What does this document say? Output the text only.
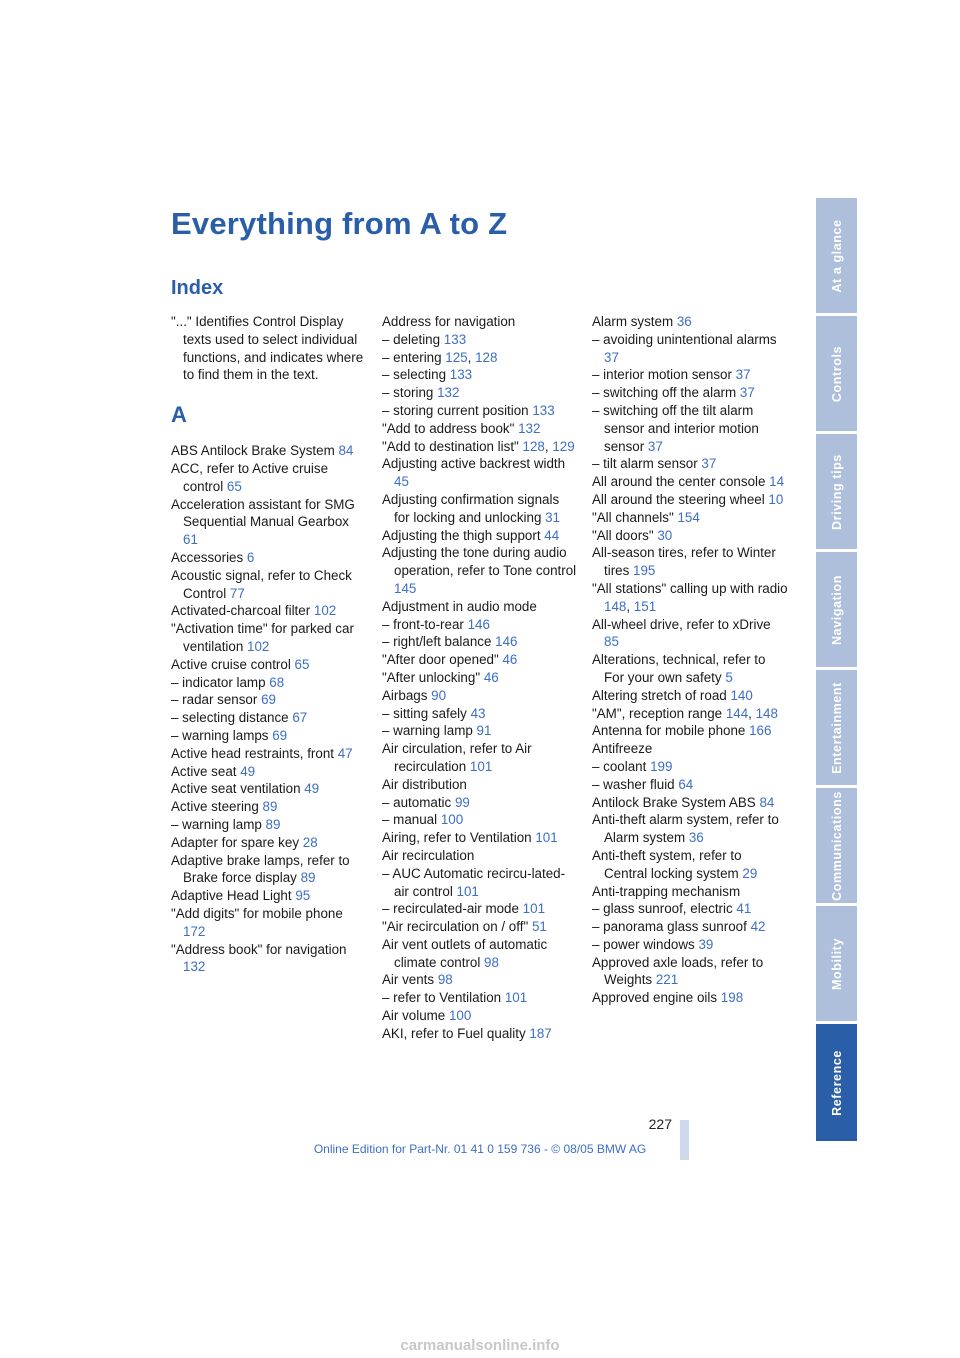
Everything from A to Z
Index

"..." Identifies Control Display texts used to select individual functions, and indicates where to find them in the text.

A

ABS Antilock Brake System 84

ACC, refer to Active cruise control 65

Acceleration assistant for SMG Sequential Manual Gearbox 61

Accessories 6

Acoustic signal, refer to Check Control 77

Activated-charcoal filter 102

"Activation time" for parked car ventilation 102

Active cruise control 65

– indicator lamp 68

– radar sensor 69

– selecting distance 67

– warning lamps 69

Active head restraints, front 47

Active seat 49

Active seat ventilation 49

Active steering 89

– warning lamp 89

Adapter for spare key 28

Adaptive brake lamps, refer to Brake force display 89

Adaptive Head Light 95

"Add digits" for mobile phone 172

"Address book" for navigation 132

Address for navigation

– deleting 133

– entering 125, 128

– selecting 133

– storing 132

– storing current position 133

"Add to address book" 132

"Add to destination list" 128, 129

Adjusting active backrest width 45

Adjusting confirmation signals for locking and unlocking 31

Adjusting the thigh support 44

Adjusting the tone during audio operation, refer to Tone control 145

Adjustment in audio mode

– front-to-rear 146

– right/left balance 146

"After door opened" 46

"After unlocking" 46

Airbags 90

– sitting safely 43

– warning lamp 91

Air circulation, refer to Air recirculation 101

Air distribution

– automatic 99

– manual 100

Airing, refer to Ventilation 101

Air recirculation

– AUC Automatic recircu-lated-air control 101

– recirculated-air mode 101

"Air recirculation on / off" 51

Air vent outlets of automatic climate control 98

Air vents 98

– refer to Ventilation 101

Air volume 100

AKI, refer to Fuel quality 187

Alarm system 36

– avoiding unintentional alarms 37

– interior motion sensor 37

– switching off the alarm 37

– switching off the tilt alarm sensor and interior motion sensor 37

– tilt alarm sensor 37

All around the center console 14

All around the steering wheel 10

"All channels" 154

"All doors" 30

All-season tires, refer to Winter tires 195

"All stations" calling up with radio 148, 151

All-wheel drive, refer to xDrive 85

Alterations, technical, refer to For your own safety 5

Altering stretch of road 140

"AM", reception range 144, 148

Antenna for mobile phone 166

Antifreeze

– coolant 199

– washer fluid 64

Antilock Brake System ABS 84

Anti-theft alarm system, refer to Alarm system 36

Anti-theft system, refer to Central locking system 29

Anti-trapping mechanism

– glass sunroof, electric 41

– panorama glass sunroof 42

– power windows 39

Approved axle loads, refer to Weights 221

Approved engine oils 198

At a glance
Controls
Driving tips
Navigation
Entertainment
Communications
Mobility
Reference
227
Online Edition for Part-Nr. 01 41 0 159 736 - © 08/05 BMW AG
carmanualsonline.info
